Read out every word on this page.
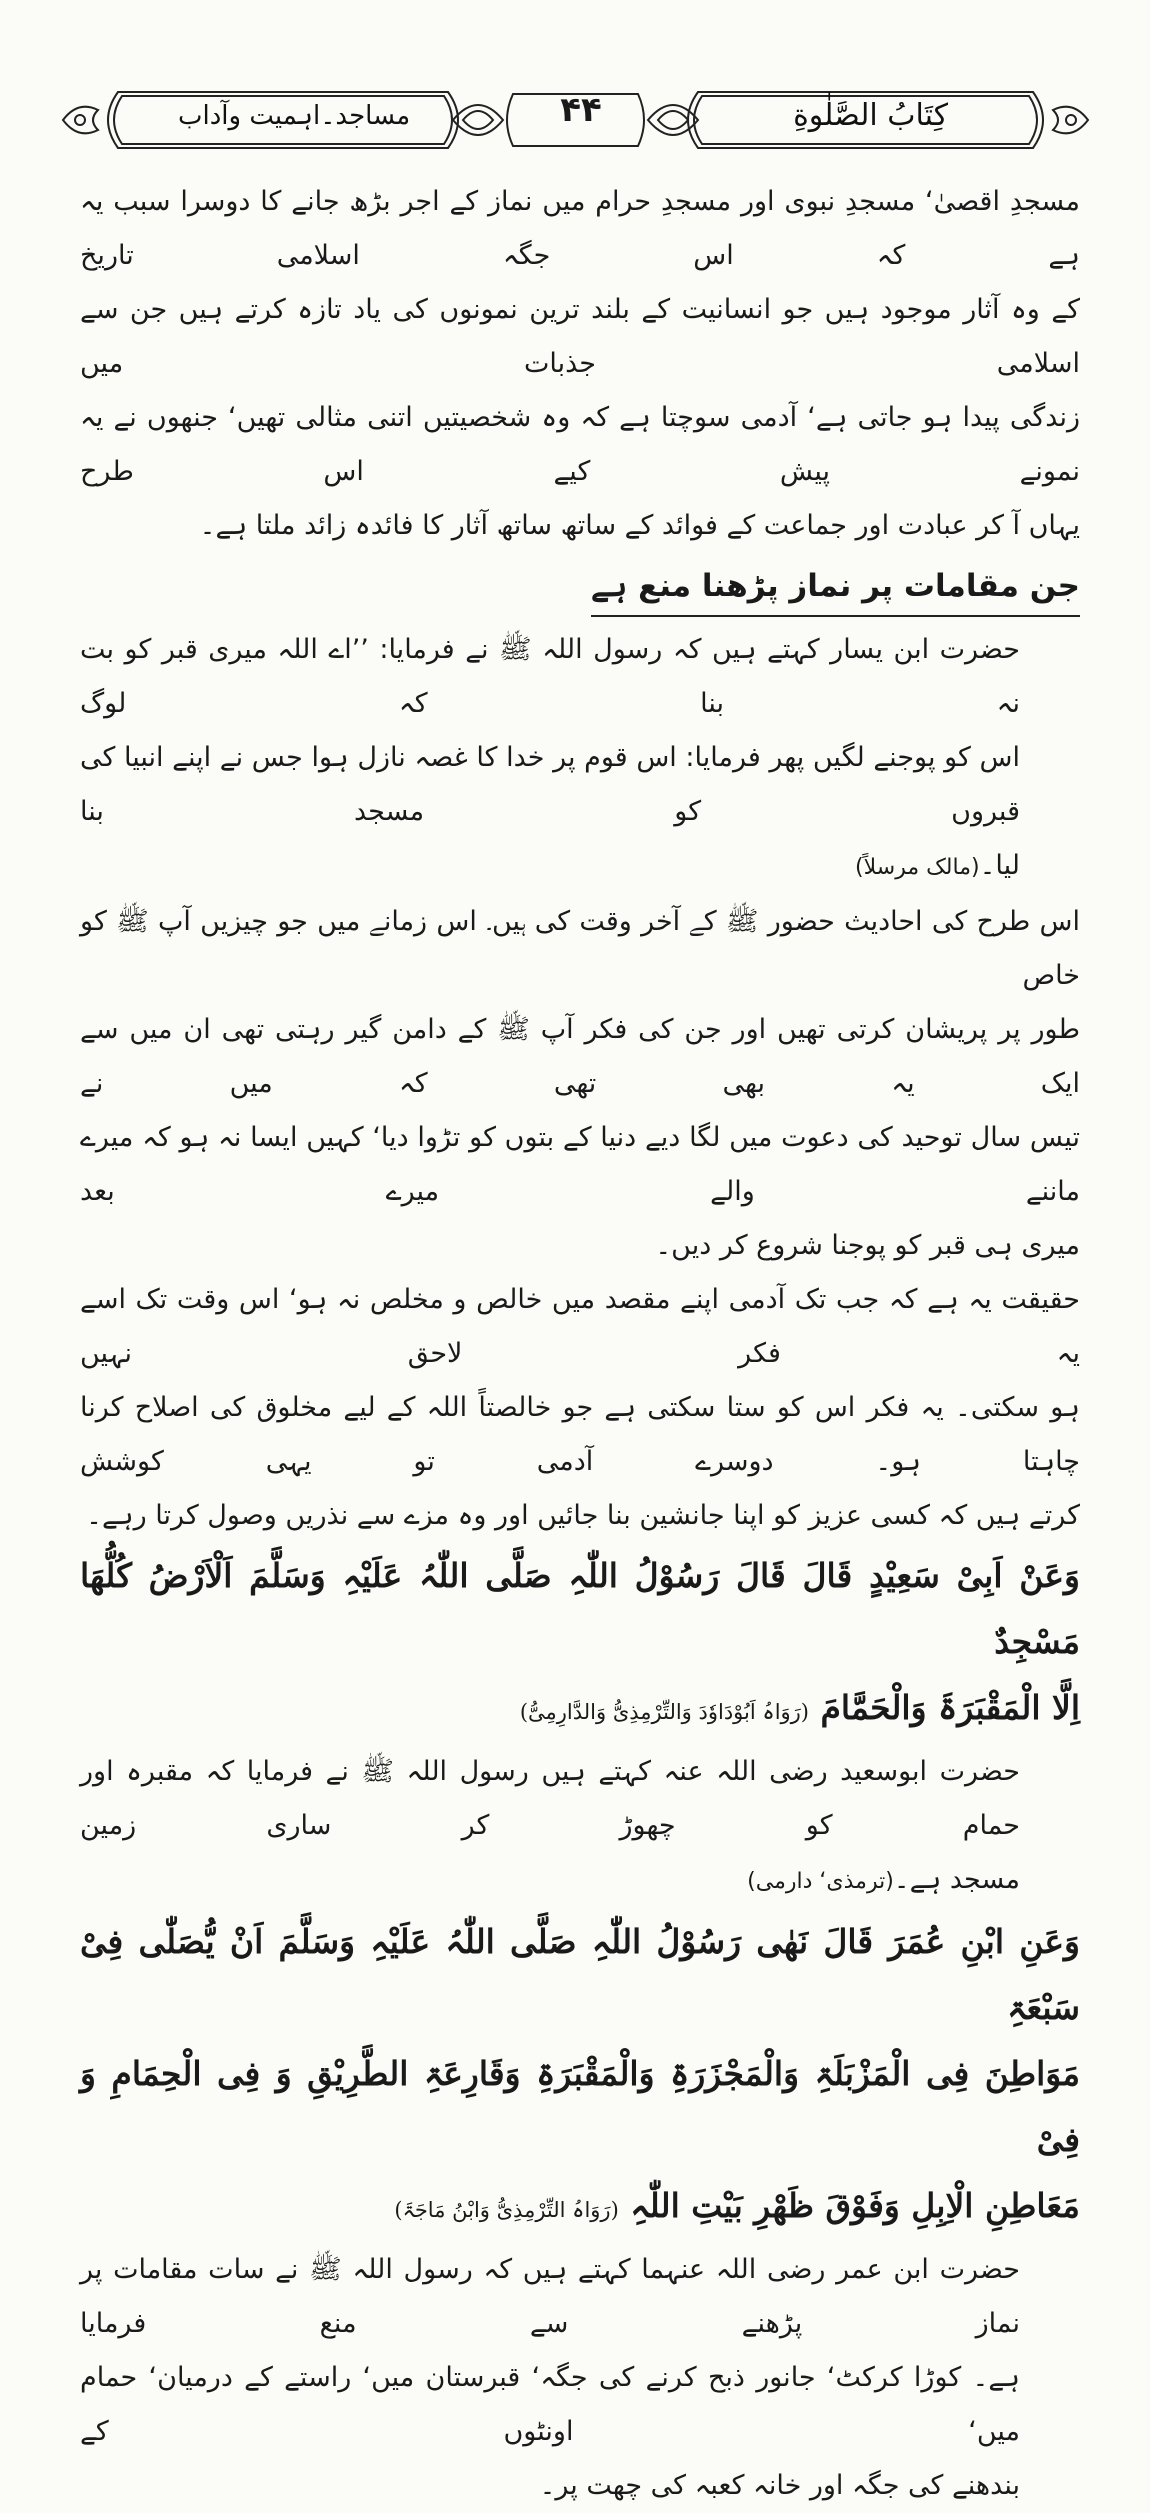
كِتَابُ الصَّلٰوةِ
۴۴
مساجد۔اہمیت وآداب
مسجدِ اقصیٰ‘ مسجدِ نبوی اور مسجدِ حرام میں نماز کے اجر بڑھ جانے کا دوسرا سبب یہ ہے کہ اس جگہ اسلامی تاریخ
کے وہ آثار موجود ہیں جو انسانیت کے بلند ترین نمونوں کی یاد تازہ کرتے ہیں جن سے اسلامی جذبات میں
زندگی پیدا ہو جاتی ہے‘ آدمی سوچتا ہے کہ وہ شخصیتیں اتنی مثالی تھیں‘ جنھوں نے یہ نمونے پیش کیے اس طرح
یہاں آ کر عبادت اور جماعت کے فوائد کے ساتھ ساتھ آثار کا فائدہ زائد ملتا ہے۔
جن مقامات پر نماز پڑھنا منع ہے
حضرت ابن یسار کہتے ہیں کہ رسول اللہ ﷺ نے فرمایا: ’’اے اللہ میری قبر کو بت نہ بنا کہ لوگ
اس کو پوجنے لگیں پھر فرمایا: اس قوم پر خدا کا غصہ نازل ہوا جس نے اپنے انبیا کی قبروں کو مسجد بنا
لیا۔(مالک مرسلاً)
اس طرح کی احادیث حضور ﷺ کے آخر وقت کی ہیں۔ اس زمانے میں جو چیزیں آپ ﷺ کو خاص
طور پر پریشان کرتی تھیں اور جن کی فکر آپ ﷺ کے دامن گیر رہتی تھی ان میں سے ایک یہ بھی تھی کہ میں نے
تیس سال توحید کی دعوت میں لگا دیے دنیا کے بتوں کو تڑوا دیا‘ کہیں ایسا نہ ہو کہ میرے ماننے والے میرے بعد
میری ہی قبر کو پوجنا شروع کر دیں۔
حقیقت یہ ہے کہ جب تک آدمی اپنے مقصد میں خالص و مخلص نہ ہو‘ اس وقت تک اسے یہ فکر لاحق نہیں
ہو سکتی۔ یہ فکر اس کو ستا سکتی ہے جو خالصتاً اللہ کے لیے مخلوق کی اصلاح کرنا چاہتا ہو۔ دوسرے آدمی تو یہی کوشش
کرتے ہیں کہ کسی عزیز کو اپنا جانشین بنا جائیں اور وہ مزے سے نذریں وصول کرتا رہے۔
وَعَنْ اَبِیْ سَعِیْدٍ قَالَ قَالَ رَسُوْلُ اللّٰہِ صَلَّی اللّٰہُ عَلَیْہِ وَسَلَّمَ اَلْاَرْضُ کُلُّھَا مَسْجِدٌ
اِلَّا الْمَقْبَرَۃَ وَالْحَمَّامَ (رَوَاہُ اَبُوْدَاوٗدَ وَالتِّرْمِذِیُّ وَالدَّارِمِیُّ)
حضرت ابوسعید رضی اللہ عنہ کہتے ہیں رسول اللہ ﷺ نے فرمایا کہ مقبرہ اور حمام کو چھوڑ کر ساری زمین
مسجد ہے۔(ترمذی‘ دارمی)
وَعَنِ ابْنِ عُمَرَ قَالَ نَھٰی رَسُوْلُ اللّٰہِ صَلَّی اللّٰہُ عَلَیْہِ وَسَلَّمَ اَنْ یُّصَلّٰی فِیْ سَبْعَۃِ
مَوَاطِنَ فِی الْمَزْبَلَۃِ وَالْمَجْزَرَۃِ وَالْمَقْبَرَۃِ وَقَارِعَۃِ الطَّرِیْقِ وَ فِی الْحِمَامِ وَ فِیْ
مَعَاطِنِ الْاِبِلِ وَفَوْقَ ظَھْرِ بَیْتِ اللّٰہِ (رَوَاہُ التِّرْمِذِیُّ وَابْنُ مَاجَۃَ)
حضرت ابن عمر رضی اللہ عنہما کہتے ہیں کہ رسول اللہ ﷺ نے سات مقامات پر نماز پڑھنے سے منع فرمایا
ہے۔ کوڑا کرکٹ‘ جانور ذبح کرنے کی جگہ‘ قبرستان میں‘ راستے کے درمیان‘ حمام میں‘ اونٹوں کے
بندھنے کی جگہ اور خانہ کعبہ کی چھت پر۔
